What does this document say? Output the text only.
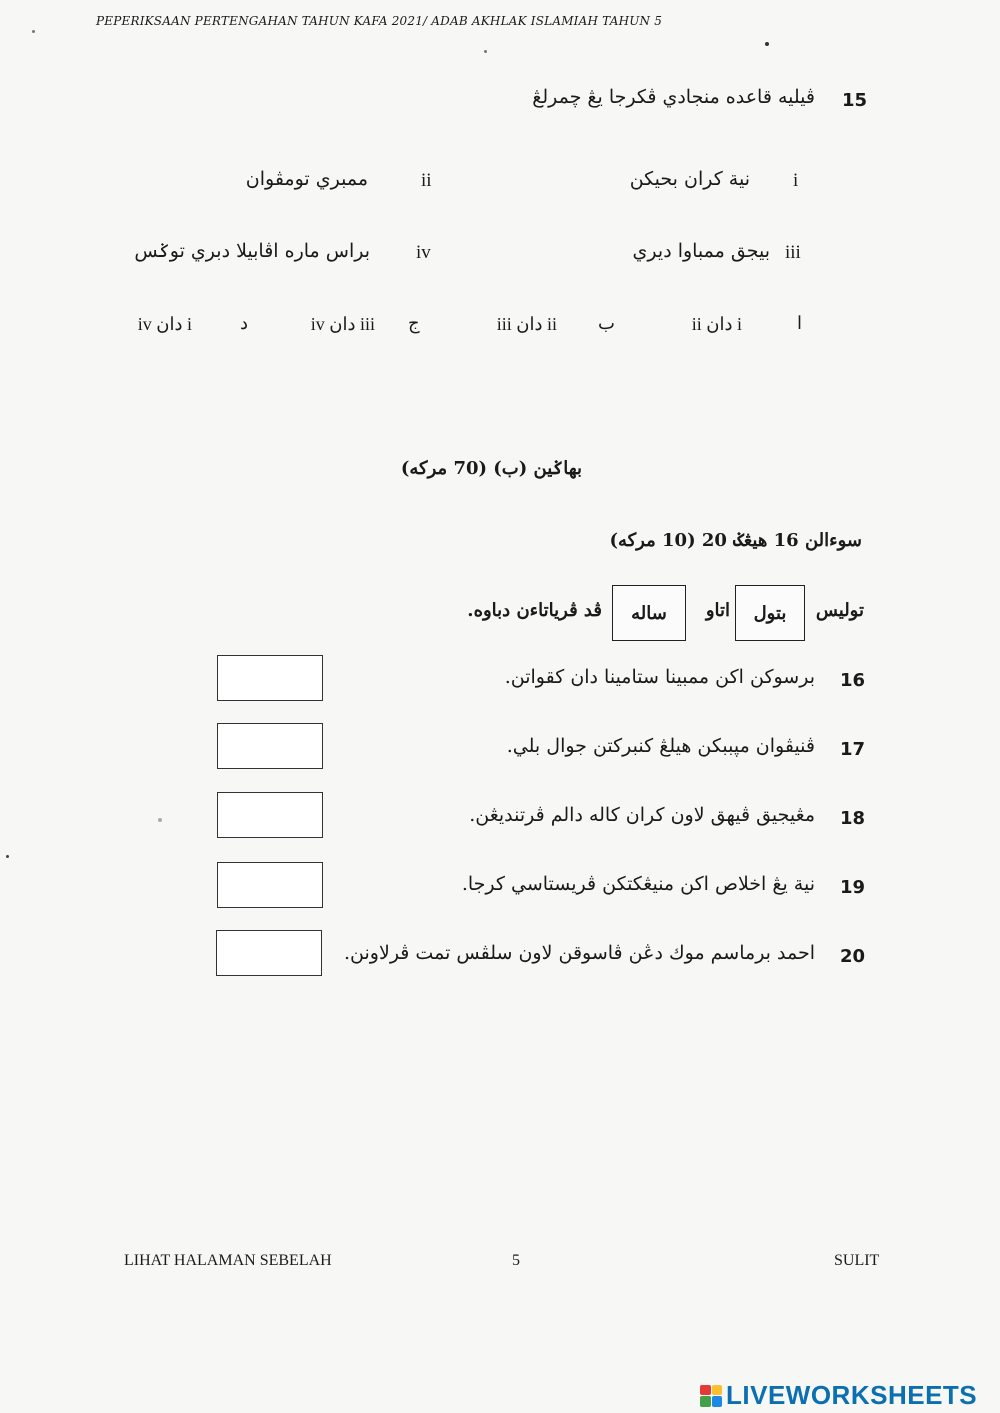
PEPERIKSAAN PERTENGAHAN TAHUN KAFA 2021/ ADAB AKHLAK ISLAMIAH TAHUN 5
15
ڤيليه قاعده منجادي ڤكرجا يڠ چمرلڠ
i
نية كران بحيكن
ii
ممبري تومڤوان
iii
بيجق ممباوا ديري
iv
براس ماره اڤابيلا دبري توݢس
ا
i دان ii
ب
ii دان iii
ج
iii دان iv
د
i دان iv
بهاݢين (ب) (70 مركه)
سوءالن 16 هيڠݢ 20 (10 مركه)
توليس
بتول
اتاو
ساله
ڤد ڤرياتاءن دباوه.
16
برسوكن اكن ممبينا ستامينا دان كقواتن.
17
ڤنيڤوان مڽببكن هيلڠ كنبركتن جوال بلي.
18
مڠيجيق ڤيهق لاون كران كاله دالم ڤرتنديڠن.
19
نية يڠ اخلاص اكن منيڠكتكن ڤريستاسي كرجا.
20
احمد برماسم موك دڠن ڤاسوقن لاون سلڤس تمت ڤرلاونن.
LIHAT HALAMAN SEBELAH	5	SULIT
LIVEWORKSHEETS
